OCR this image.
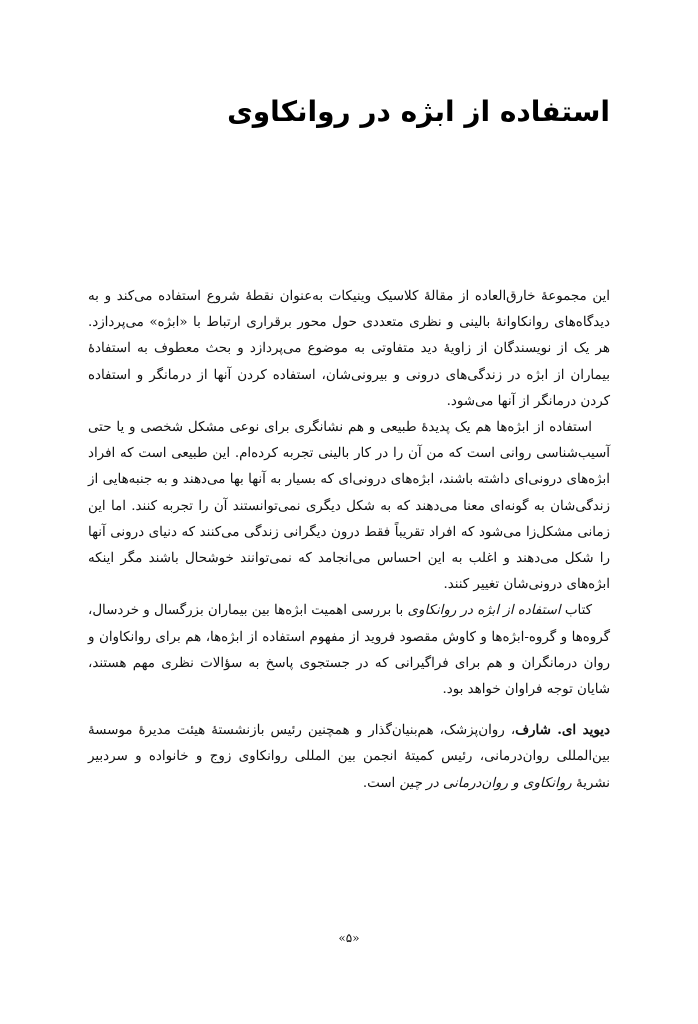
استفاده از ابژه در روانکاوی

این مجموعهٔ خارق‌العاده از مقالهٔ کلاسیک وینیکات به‌عنوان نقطهٔ شروع استفاده می‌کند و به دیدگاه‌های روانکاوانهٔ بالینی و نظری متعددی حول محور برقراری ارتباط با «ابژه» می‌پردازد. هر یک از نویسندگان از زاویهٔ دید متفاوتی به موضوع می‌پردازد و بحث معطوف به استفادهٔ بیماران از ابژه در زندگی‌های درونی و بیرونی‌شان، استفاده کردن آنها از درمانگر و استفاده کردن درمانگر از آنها می‌شود.

استفاده از ابژه‌ها هم یک پدیدهٔ طبیعی و هم نشانگری برای نوعی مشکل شخصی و یا حتی آسیب‌شناسی روانی است که من آن را در کار بالینی تجربه کرده‌ام. این طبیعی است که افراد ابژه‌های درونی‌ای داشته باشند، ابژه‌های درونی‌ای که بسیار به آنها بها می‌دهند و به جنبه‌هایی از زندگی‌شان به گونه‌ای معنا می‌دهند که به شکل دیگری نمی‌توانستند آن را تجربه کنند. اما این زمانی مشکل‌زا می‌شود که افراد تقریباً فقط درون دیگرانی زندگی می‌کنند که دنیای درونی آنها را شکل می‌دهند و اغلب به این احساس می‌انجامد که نمی‌توانند خوشحال باشند مگر اینکه ابژه‌های درونی‌شان تغییر کنند.

کتاب استفاده از ابژه در روانکاوی با بررسی اهمیت ابژه‌ها بین بیماران بزرگسال و خردسال، گروه‌ها و گروه-ابژه‌ها و کاوش مقصود فروید از مفهوم استفاده از ابژه‌ها، هم برای روانکاوان و روان درمانگران و هم برای فراگیرانی که در جستجوی پاسخ به سؤالات نظری مهم هستند، شایان توجه فراوان خواهد بود.

دیوید ای. شارف، روان‌پزشک، هم‌بنیان‌گذار و همچنین رئیس بازنشستهٔ هیئت مدیرهٔ موسسهٔ بین‌المللی روان‌درمانی، رئیس کمیتهٔ انجمن بین المللی روانکاوی زوج و خانواده و سردبیر نشریهٔ روانکاوی و روان‌درمانی در چین است.

«۵»
